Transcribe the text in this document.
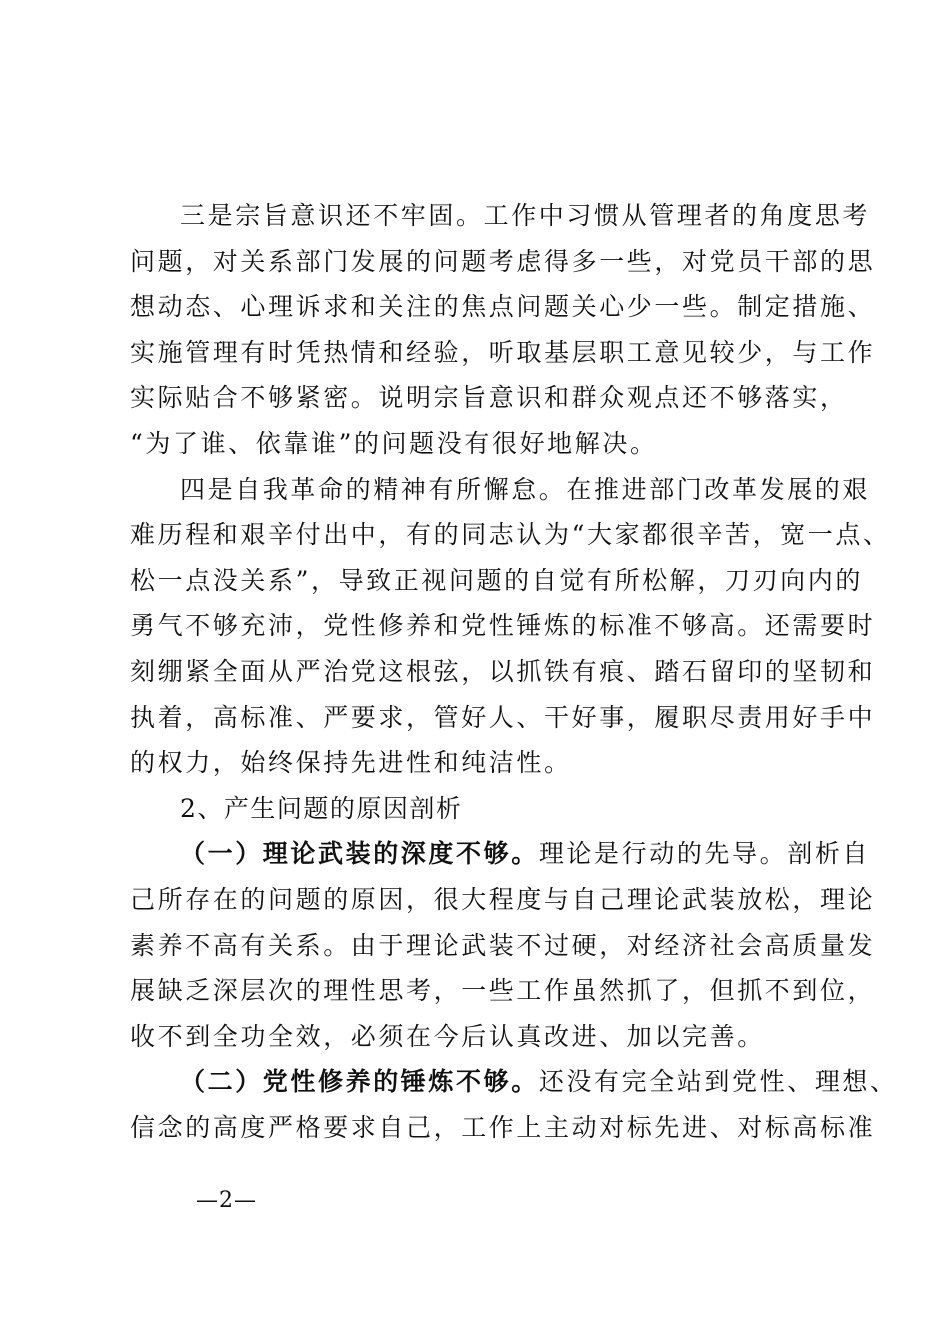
三是宗旨意识还不牢固。工作中习惯从管理者的角度思考
问题，对关系部门发展的问题考虑得多一些，对党员干部的思
想动态、心理诉求和关注的焦点问题关心少一些。制定措施、
实施管理有时凭热情和经验，听取基层职工意见较少，与工作
实际贴合不够紧密。说明宗旨意识和群众观点还不够落实，
“为了谁、依靠谁”的问题没有很好地解决。
四是自我革命的精神有所懈怠。在推进部门改革发展的艰
难历程和艰辛付出中，有的同志认为“大家都很辛苦，宽一点、
松一点没关系”，导致正视问题的自觉有所松解，刀刃向内的
勇气不够充沛，党性修养和党性锤炼的标准不够高。还需要时
刻绷紧全面从严治党这根弦，以抓铁有痕、踏石留印的坚韧和
执着，高标准、严要求，管好人、干好事，履职尽责用好手中
的权力，始终保持先进性和纯洁性。
2、产生问题的原因剖析
（一）理论武装的深度不够。理论是行动的先导。剖析自
己所存在的问题的原因，很大程度与自己理论武装放松，理论
素养不高有关系。由于理论武装不过硬，对经济社会高质量发
展缺乏深层次的理性思考，一些工作虽然抓了，但抓不到位，
收不到全功全效，必须在今后认真改进、加以完善。
（二）党性修养的锤炼不够。还没有完全站到党性、理想、
信念的高度严格要求自己，工作上主动对标先进、对标高标准
—2—
